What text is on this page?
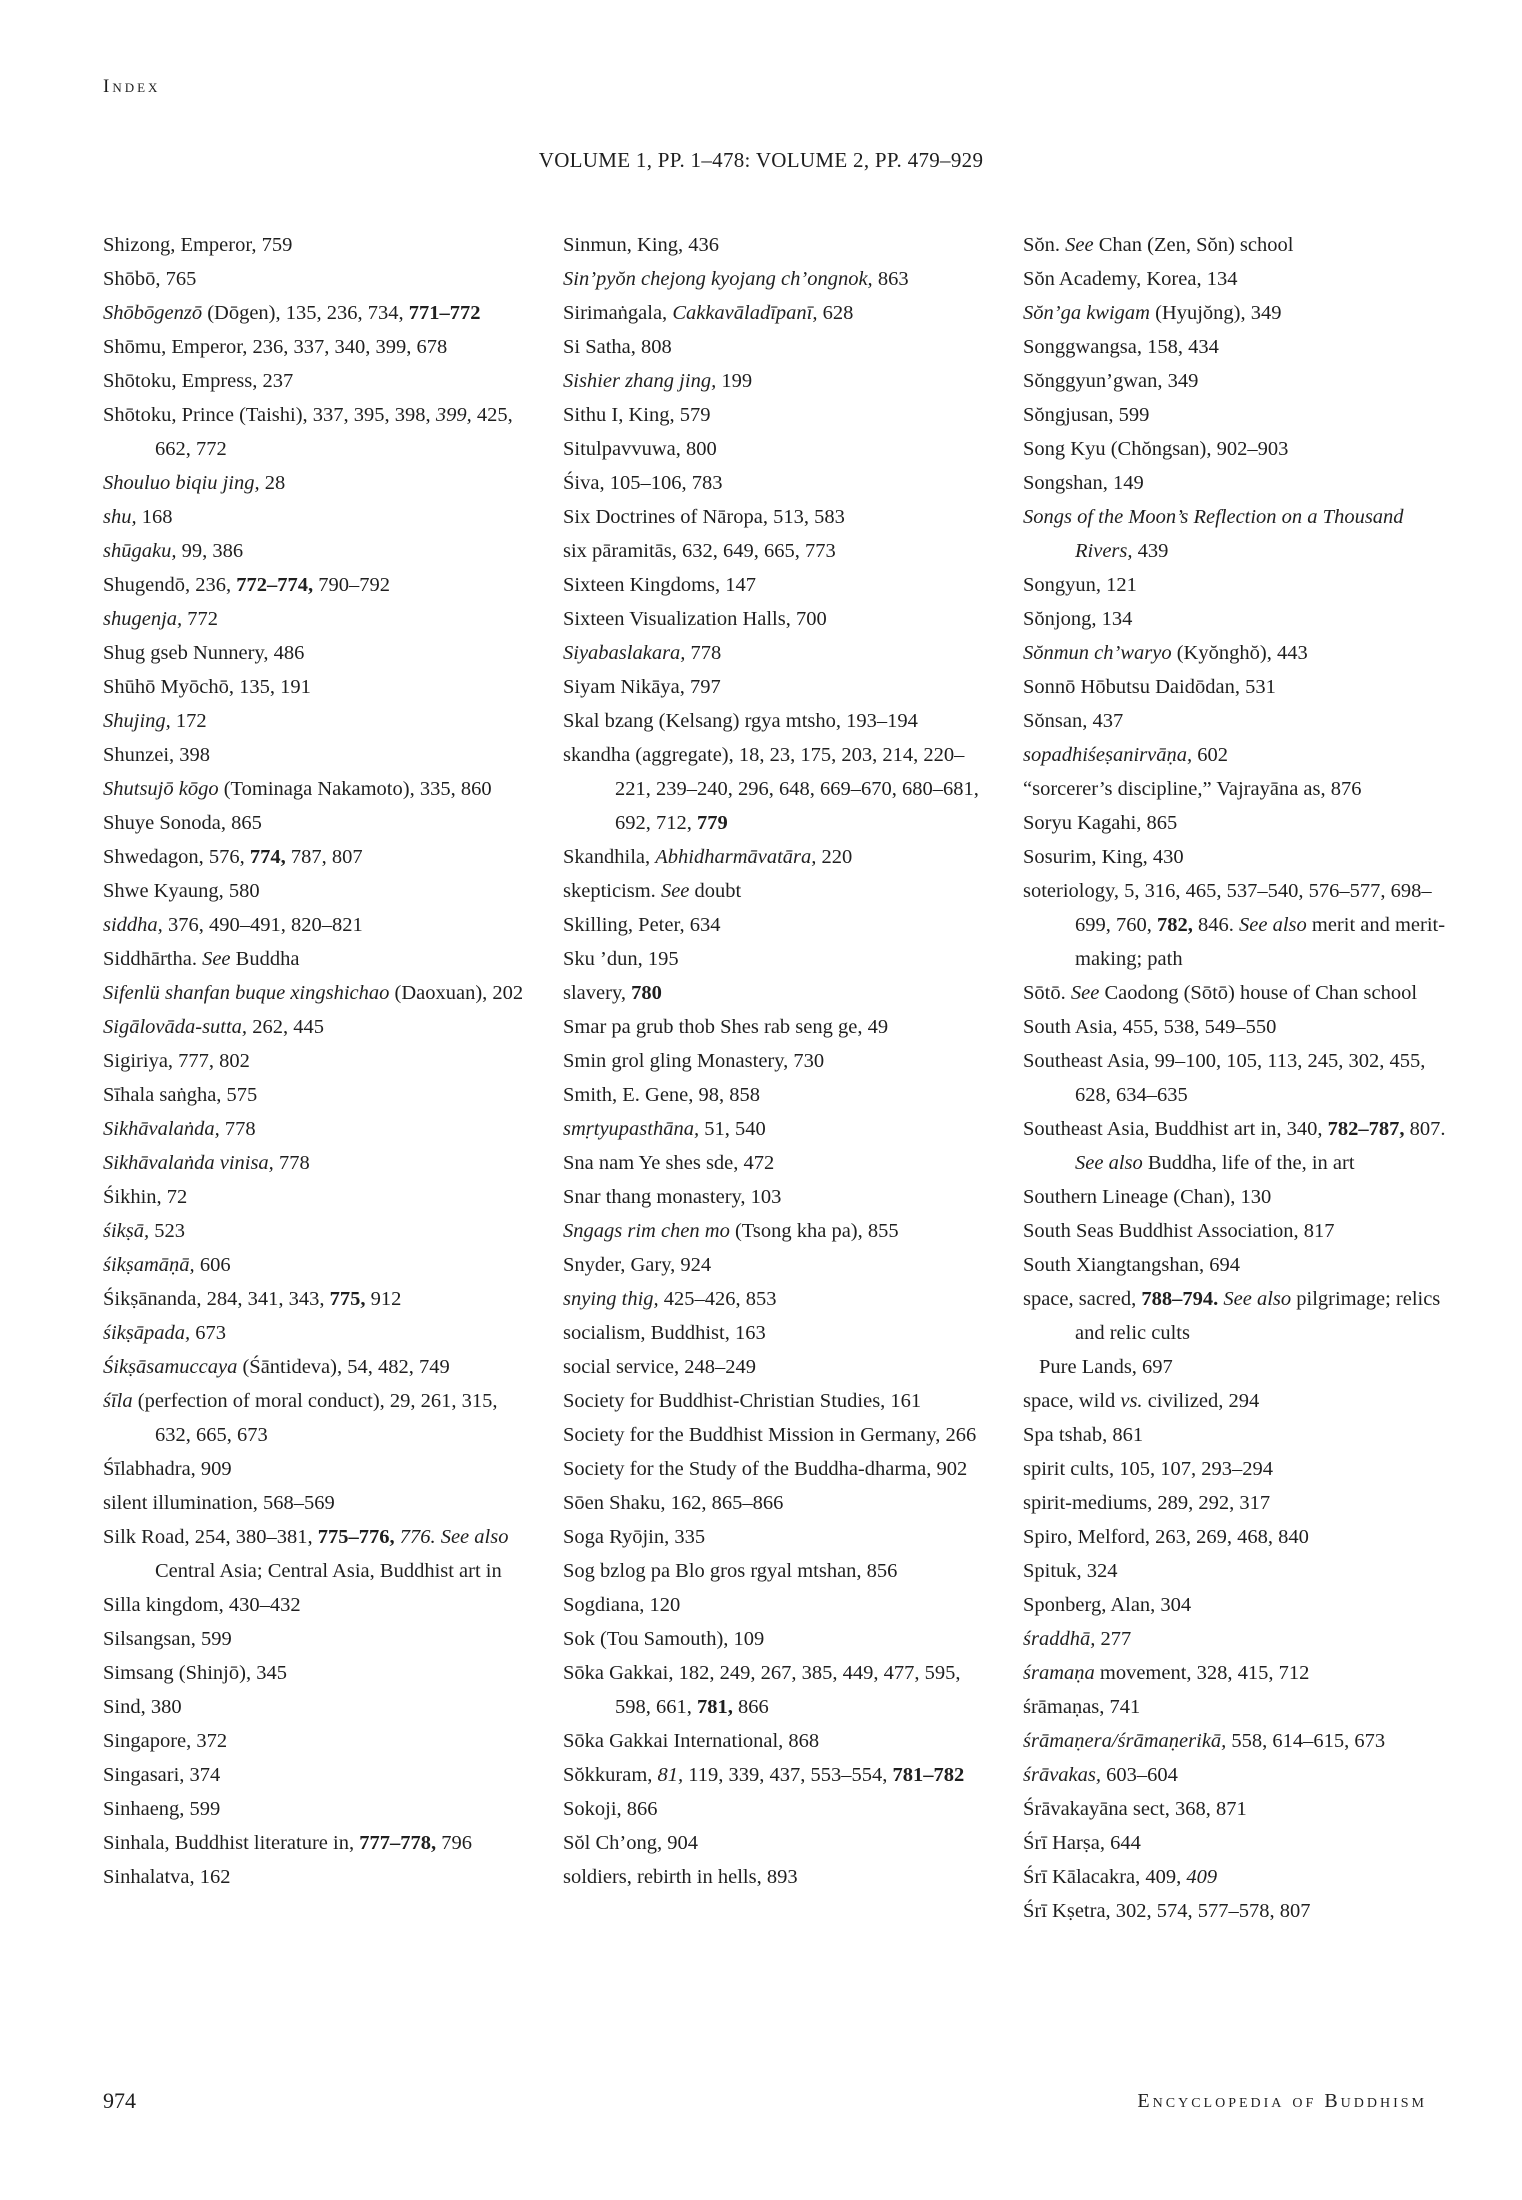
Index
VOLUME 1, PP. 1–478: VOLUME 2, PP. 479–929

Shizong, Emperor, 759

Shōbō, 765

Shōbōgenzō (Dōgen), 135, 236, 734, 771–772

Shōmu, Emperor, 236, 337, 340, 399, 678

Shōtoku, Empress, 237

Shōtoku, Prince (Taishi), 337, 395, 398, 399, 425, 662, 772

Shouluo biqiu jing, 28

shu, 168

shūgaku, 99, 386

Shugendō, 236, 772–774, 790–792

shugenja, 772

Shug gseb Nunnery, 486

Shūhō Myōchō, 135, 191

Shujing, 172

Shunzei, 398

Shutsujō kōgo (Tominaga Nakamoto), 335, 860

Shuye Sonoda, 865

Shwedagon, 576, 774, 787, 807

Shwe Kyaung, 580

siddha, 376, 490–491, 820–821

Siddhārtha. See Buddha

Sifenlü shanfan buque xingshichao (Daoxuan), 202

Sigālovāda-sutta, 262, 445

Sigiriya, 777, 802

Sīhala saṅgha, 575

Sikhāvalaṅda, 778

Sikhāvalaṅda vinisa, 778

Śikhin, 72

śikṣā, 523

śikṣamāṇā, 606

Śikṣānanda, 284, 341, 343, 775, 912

śikṣāpada, 673

Śikṣāsamuccaya (Śāntideva), 54, 482, 749

śīla (perfection of moral conduct), 29, 261, 315, 632, 665, 673

Śīlabhadra, 909

silent illumination, 568–569

Silk Road, 254, 380–381, 775–776, 776. See also Central Asia; Central Asia, Buddhist art in

Silla kingdom, 430–432

Silsangsan, 599

Simsang (Shinjō), 345

Sind, 380

Singapore, 372

Singasari, 374

Sinhaeng, 599

Sinhala, Buddhist literature in, 777–778, 796

Sinhalatva, 162

Sinmun, King, 436

Sin’pyŏn chejong kyojang ch’ongnok, 863

Sirimaṅgala, Cakkavāladīpanī, 628

Si Satha, 808

Sishier zhang jing, 199

Sithu I, King, 579

Situlpavvuwa, 800

Śiva, 105–106, 783

Six Doctrines of Nāropa, 513, 583

six pāramitās, 632, 649, 665, 773

Sixteen Kingdoms, 147

Sixteen Visualization Halls, 700

Siyabaslakara, 778

Siyam Nikāya, 797

Skal bzang (Kelsang) rgya mtsho, 193–194

skandha (aggregate), 18, 23, 175, 203, 214, 220–221, 239–240, 296, 648, 669–670, 680–681, 692, 712, 779

Skandhila, Abhidharmāvatāra, 220

skepticism. See doubt

Skilling, Peter, 634

Sku ’dun, 195

slavery, 780

Smar pa grub thob Shes rab seng ge, 49

Smin grol gling Monastery, 730

Smith, E. Gene, 98, 858

smṛtyupasthāna, 51, 540

Sna nam Ye shes sde, 472

Snar thang monastery, 103

Sngags rim chen mo (Tsong kha pa), 855

Snyder, Gary, 924

snying thig, 425–426, 853

socialism, Buddhist, 163

social service, 248–249

Society for Buddhist-Christian Studies, 161

Society for the Buddhist Mission in Germany, 266

Society for the Study of the Buddha-dharma, 902

Sōen Shaku, 162, 865–866

Soga Ryōjin, 335

Sog bzlog pa Blo gros rgyal mtshan, 856

Sogdiana, 120

Sok (Tou Samouth), 109

Sōka Gakkai, 182, 249, 267, 385, 449, 477, 595, 598, 661, 781, 866

Sōka Gakkai International, 868

Sŏkkuram, 81, 119, 339, 437, 553–554, 781–782

Sokoji, 866

Sŏl Ch’ong, 904

soldiers, rebirth in hells, 893

Sŏn. See Chan (Zen, Sŏn) school

Sŏn Academy, Korea, 134

Sŏn’ga kwigam (Hyujŏng), 349

Songgwangsa, 158, 434

Sŏnggyun’gwan, 349

Sŏngjusan, 599

Song Kyu (Chŏngsan), 902–903

Songshan, 149

Songs of the Moon’s Reflection on a Thousand Rivers, 439

Songyun, 121

Sŏnjong, 134

Sŏnmun ch’waryo (Kyŏnghŏ), 443

Sonnō Hōbutsu Daidōdan, 531

Sŏnsan, 437

sopadhiśeṣanirvāṇa, 602

“sorcerer’s discipline,” Vajrayāna as, 876

Soryu Kagahi, 865

Sosurim, King, 430

soteriology, 5, 316, 465, 537–540, 576–577, 698–699, 760, 782, 846. See also merit and merit-making; path

Sōtō. See Caodong (Sōtō) house of Chan school

South Asia, 455, 538, 549–550

Southeast Asia, 99–100, 105, 113, 245, 302, 455, 628, 634–635

Southeast Asia, Buddhist art in, 340, 782–787, 807. See also Buddha, life of the, in art

Southern Lineage (Chan), 130

South Seas Buddhist Association, 817

South Xiangtangshan, 694

space, sacred, 788–794. See also pilgrimage; relics and relic cults

Pure Lands, 697

space, wild vs. civilized, 294

Spa tshab, 861

spirit cults, 105, 107, 293–294

spirit-mediums, 289, 292, 317

Spiro, Melford, 263, 269, 468, 840

Spituk, 324

Sponberg, Alan, 304

śraddhā, 277

śramaṇa movement, 328, 415, 712

śrāmaṇas, 741

śrāmaṇera/śrāmaṇerikā, 558, 614–615, 673

śrāvakas, 603–604

Śrāvakayāna sect, 368, 871

Śrī Harṣa, 644

Śrī Kālacakra, 409, 409

Śrī Kṣetra, 302, 574, 577–578, 807

974	Encyclopedia of Buddhism
